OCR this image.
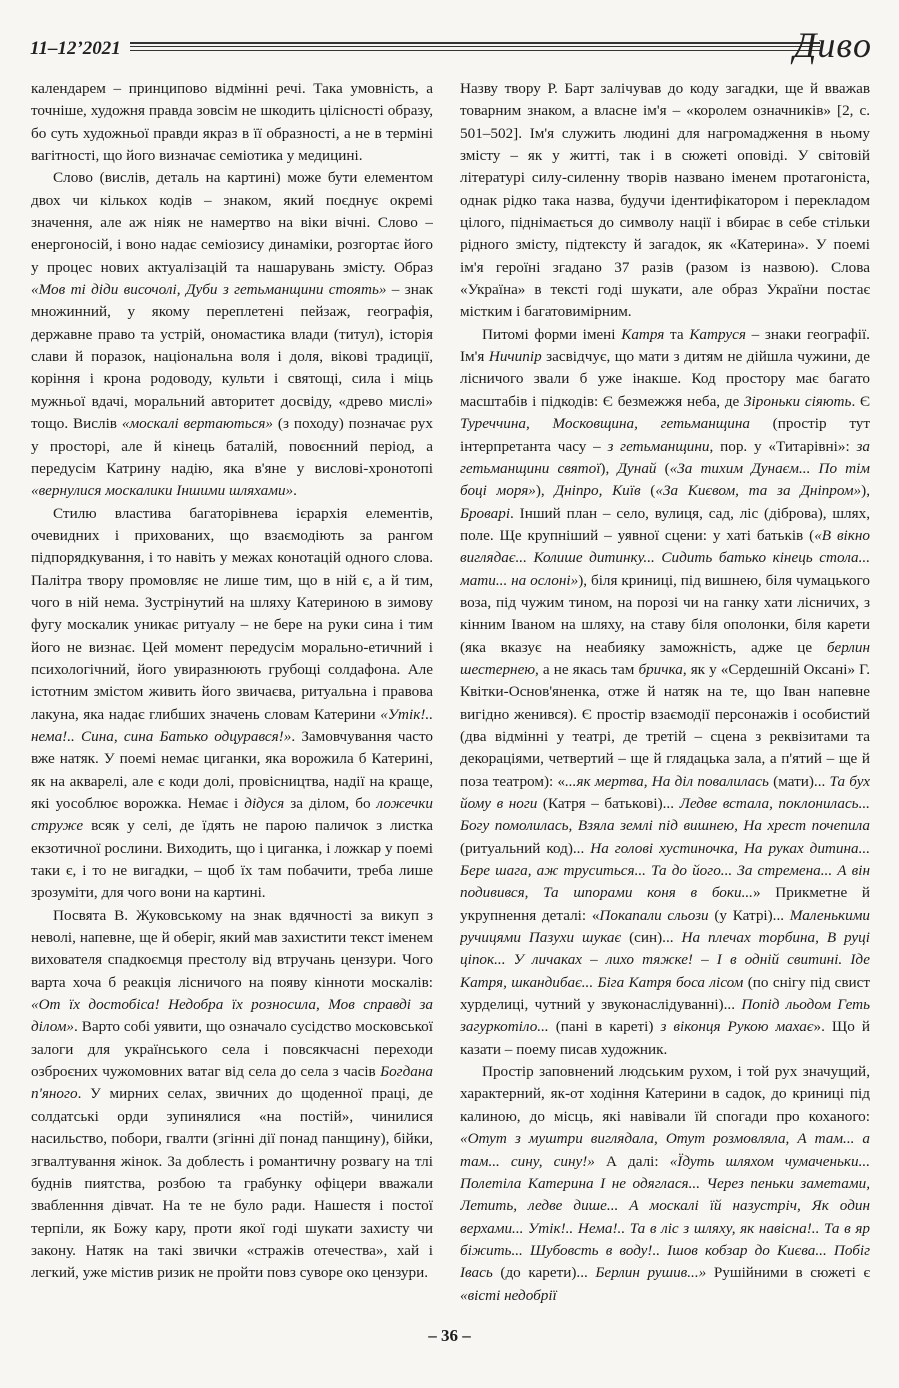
11–12’2021	Дивo

календарем – принципово відмінні речі. Така умовність, а точніше, художня правда зовсім не шкодить цілісності образу, бо суть художньої правди якраз в її образності, а не в терміні вагітності, що його визначає семіотика у медицині.

Слово (вислів, деталь на картині) може бути елементом двох чи кількох кодів – знаком, який поєднує окремі значення, але аж ніяк не намертво на віки вічні. Слово – енергоносій, і воно надає семіозису динаміки, розгортає його у процес нових актуалізацій та нашарувань змісту. Образ «Мов ті діди височолі, Дуби з гетьманщини стоять» – знак множинний, у якому переплетені пейзаж, географія, державне право та устрій, ономастика влади (титул), історія слави й поразок, національна воля і доля, вікові традиції, коріння і крона родоводу, культи і святощі, сила і міць мужньої вдачі, моральний авторитет досвіду, «древо мислі» тощо. Вислів «москалі вертаються» (з походу) позначає рух у просторі, але й кінець баталій, повоєнний період, а передусім Катрину надію, яка в'яне у вислові-хронотопі «вернулися москалики Іншими шляхами».

Стилю властива багаторівнева ієрархія елементів, очевидних і прихованих, що взаємодіють за рангом підпорядкування, і то навіть у межах конотацій одного слова. Палітра твору промовляє не лише тим, що в ній є, а й тим, чого в ній нема. Зустрінутий на шляху Катериною в зимову фугу москалик уникає ритуалу – не бере на руки сина і тим його не визнає. Цей момент передусім морально-етичний і психологічний, його увиразнюють грубощі солдафона. Але істотним змістом живить його звичаєва, ритуальна і правова лакуна, яка надає глибших значень словам Катерини «Утік!.. нема!.. Сина, сина Батько одцурався!». Замовчування часто вже натяк. У поемі немає циганки, яка ворожила б Катерині, як на акварелі, але є коди долі, провісництва, надії на краще, які уособлює ворожка. Немає і дідуся за ділом, бо ложечки струже всяк у селі, де їдять не парою паличок з листка екзотичної рослини. Виходить, що і циганка, і ложкар у поемі таки є, і то не вигадки, – щоб їх там побачити, треба лише зрозуміти, для чого вони на картині.

Посвята В. Жуковському на знак вдячності за викуп з неволі, напевне, ще й оберіг, який мав захистити текст іменем вихователя спадкоємця престолу від втручань цензури. Чого варта хоча б реакція лісничого на появу кінноти москалів: «От їх достобіса! Недобра їх розносила, Мов справді за ділом». Варто собі уявити, що означало сусідство московської залоги для українського села і повсякчасні переходи озброєних чужомовних ватаг від села до села з часів Богдана п'яного. У мирних селах, звичних до щоденної праці, де солдатські орди зупинялися «на постій», чинилися насильство, побори, гвалти (згінні дії понад панщину), бійки, згвалтування жінок. За доблесть і романтичну розвагу на тлі буднів пиятства, розбою та грабунку офіцери вважали звабленння дівчат. На те не було ради. Нашестя і постої терпіли, як Божу кару, проти якої годі шукати захисту чи закону. Натяк на такі звички «стражів отечества», хай і легкий, уже містив ризик не пройти повз суворе око цензури.

Назву твору Р. Барт залічував до коду загадки, ще й вважав товарним знаком, а власне ім'я – «королем означників» [2, с. 501–502]. Ім'я служить людині для нагромадження в ньому змісту – як у житті, так і в сюжеті оповіді. У світовій літературі силу-силенну творів названо іменем протагоніста, однак рідко така назва, будучи ідентифікатором і перекладом цілого, піднімається до символу нації і вбирає в себе стільки рідного змісту, підтексту й загадок, як «Катерина». У поемі ім'я героїні згадано 37 разів (разом із назвою). Слова «Україна» в тексті годі шукати, але образ України постає містким і багатовимірним.

Питомі форми імені Катря та Катруся – знаки географії. Ім'я Ничипір засвідчує, що мати з дитям не дійшла чужини, де лісничого звали б уже інакше. Код простору має багато масштабів і підкодів: Є безмежжя неба, де Зіроньки сіяють. Є Туреччина, Московщина, гетьманщина (простір тут інтерпретанта часу – з гетьманщини, пор. у «Титарівні»: за гетьманщини святої), Дунай («За тихим Дунаєм... По тім боці моря»), Дніпро, Київ («За Києвом, та за Дніпром»), Броварі. Інший план – село, вулиця, сад, ліс (діброва), шлях, поле. Ще крупніший – уявної сцени: у хаті батьків («В вікно виглядає... Колише дитинку... Сидить батько кінець стола... мати... на ослоні»), біля криниці, під вишнею, біля чумацького воза, під чужим тином, на порозі чи на ганку хати лісничих, з кінним Іваном на шляху, на ставу біля ополонки, біля карети (яка вказує на неабияку заможність, адже це берлин шестернею, а не якась там бричка, як у «Сердешній Оксані» Г. Квітки-Основ'яненка, отже й натяк на те, що Іван напевне вигідно женився). Є простір взаємодії персонажів і особистий (два відмінні у театрі, де третій – сцена з реквізитами та декораціями, четвертий – ще й глядацька зала, а п'ятий – ще й поза театром): «...як мертва, На діл повалилась (мати)... Та бух йому в ноги (Катря – батькові)... Ледве встала, поклонилась... Богу помолилась, Взяла землі під вишнею, На хрест почепила (ритуальний код)... На голові хустиночка, На руках дитина... Бере шага, аж труситься... Та до його... За стремена... А він подивився, Та шпорами коня в боки...» Прикметне й укрупнення деталі: «Покапали сльози (у Катрі)... Маленькими ручицями Пазухи шукає (син)... На плечах торбина, В руці ціпок... У личаках – лихо тяжке! – І в одній свитині. Іде Катря, шкандибає... Біга Катря боса лісом (по снігу під свист хурделиці, чутний у звуконаслідуванні)... Попід льодом Геть загуркотіло... (пані в кареті) з віконця Рукою махає». Що й казати – поему писав художник.

Простір заповнений людським рухом, і той рух значущий, характерний, як-от ходіння Катерини в садок, до криниці під калиною, до місць, які навівали їй спогади про коханого: «Отут з муштри виглядала, Отут розмовляла, А там... а там... сину, сину!» А далі: «Їдуть шляхом чумаченьки... Полетіла Катерина І не одяглася... Через пеньки заметами, Летить, ледве дише... А москалі їй назустріч, Як один верхами... Утік!.. Нема!.. Та в ліс з шляху, як навісна!.. Та в яр біжить... Шубовсть в воду!.. Ішов кобзар до Києва... Побіг Івась (до карети)... Берлин рушив...» Рушійними в сюжеті є «вісті недобрії

– 36 –
